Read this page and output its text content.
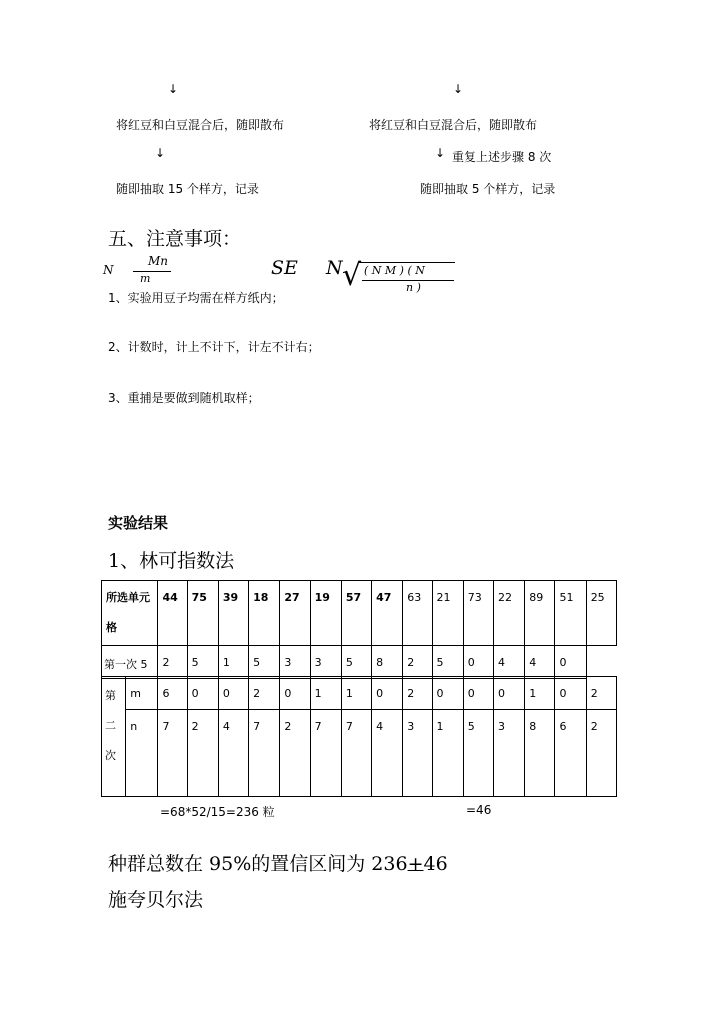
↓
将红豆和白豆混合后，随即散布
↓
随即抽取 15 个样方，记录
↓
将红豆和白豆混合后，随即散布
↓ 重复上述步骤 8 次
随即抽取 5 个样方，记录
五、注意事项：
N
Mn
m	SE N √ ( N M ) ( N
n )
1、实验用豆子均需在样方纸内；
2、计数时，计上不计下，计左不计右；
3、重捕是要做到随机取样；
实验结果
1、林可指数法
所选单元格	44	75	39	18	27	19	57	47	63	21	73	22	89	51	25
第一次 5	2	5	1	5	3	3	5	8	2	5	0	4	4	0
第二次	m	6	0	0	2	0	1	1	0	2	0	0	0	1	0	2
	n	7	2	4	7	2	7	7	4	3	1	5	3	8	6	2
=68*52/15=236 粒	=46
种群总数在 95%的置信区间为 236+46
施夸贝尔法
